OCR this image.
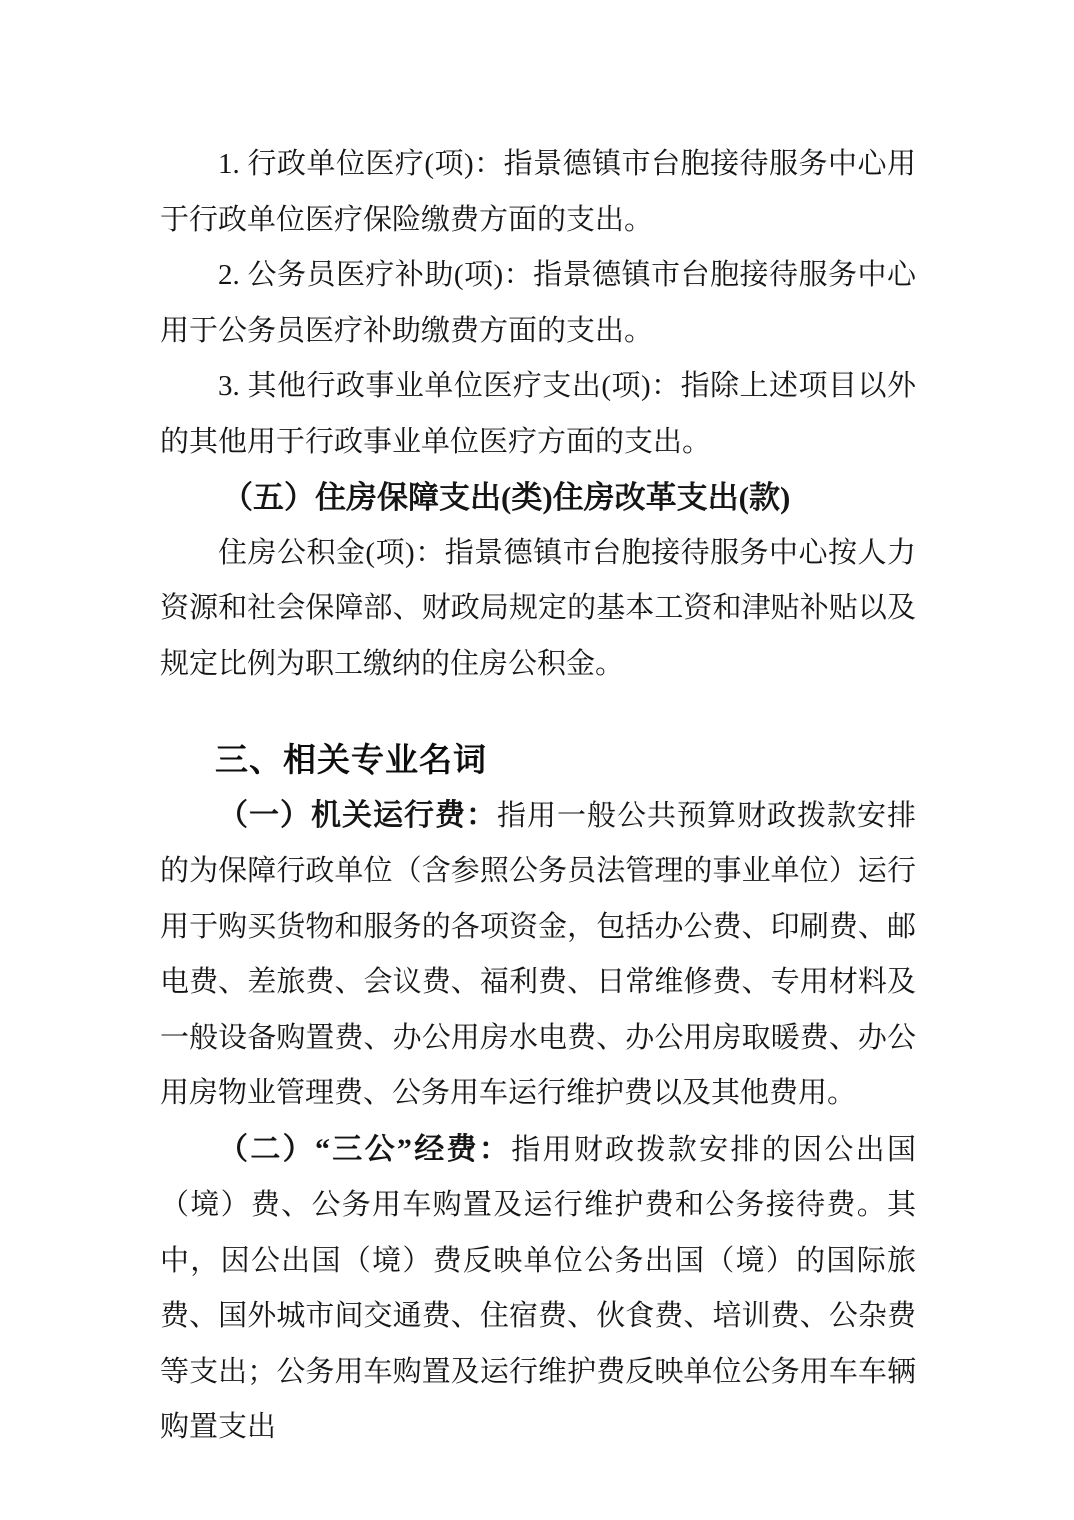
1. 行政单位医疗(项)：指景德镇市台胞接待服务中心用于行政单位医疗保险缴费方面的支出。

2. 公务员医疗补助(项)：指景德镇市台胞接待服务中心用于公务员医疗补助缴费方面的支出。

3. 其他行政事业单位医疗支出(项)：指除上述项目以外的其他用于行政事业单位医疗方面的支出。

（五）住房保障支出(类)住房改革支出(款)

住房公积金(项)：指景德镇市台胞接待服务中心按人力资源和社会保障部、财政局规定的基本工资和津贴补贴以及规定比例为职工缴纳的住房公积金。

三、相关专业名词

（一）机关运行费：指用一般公共预算财政拨款安排的为保障行政单位（含参照公务员法管理的事业单位）运行用于购买货物和服务的各项资金，包括办公费、印刷费、邮电费、差旅费、会议费、福利费、日常维修费、专用材料及一般设备购置费、办公用房水电费、办公用房取暖费、办公用房物业管理费、公务用车运行维护费以及其他费用。

（二）“三公”经费：指用财政拨款安排的因公出国（境）费、公务用车购置及运行维护费和公务接待费。其中，因公出国（境）费反映单位公务出国（境）的国际旅费、国外城市间交通费、住宿费、伙食费、培训费、公杂费等支出；公务用车购置及运行维护费反映单位公务用车车辆购置支出
